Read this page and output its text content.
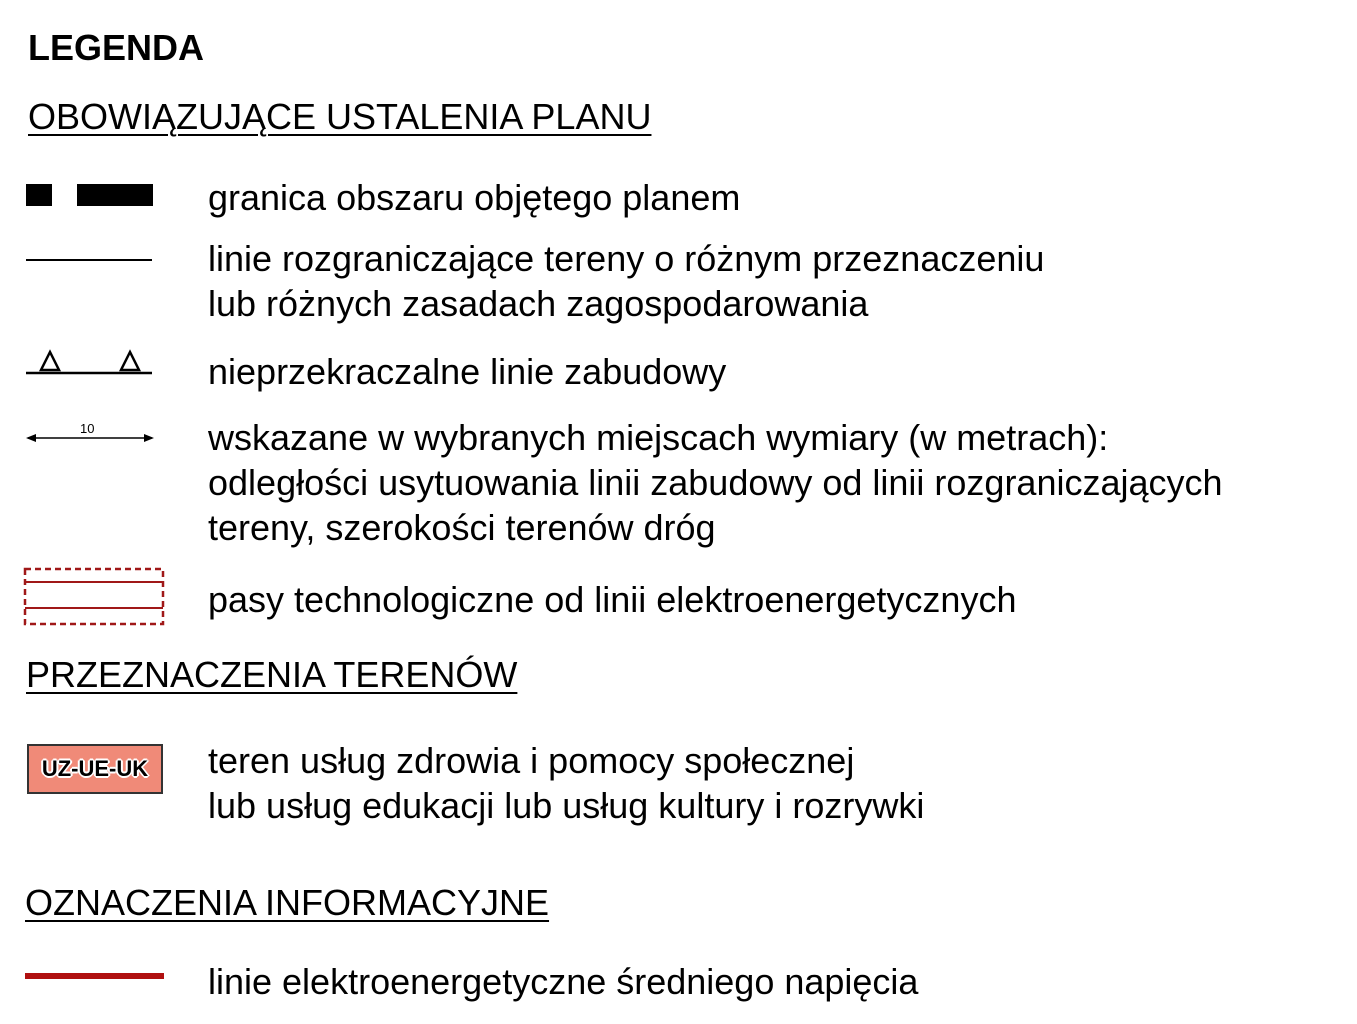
LEGENDA
OBOWIĄZUJĄCE USTALENIA PLANU
granica obszaru objętego planem
linie rozgraniczające tereny o różnym przeznaczeniu
lub różnych zasadach zagospodarowania
nieprzekraczalne linie zabudowy
10	wskazane w wybranych miejscach wymiary (w metrach):
odległości usytuowania linii zabudowy od linii rozgraniczających
tereny, szerokości terenów dróg
pasy technologiczne od linii elektroenergetycznych
PRZEZNACZENIA TERENÓW
UZ-UE-UK teren usług zdrowia i pomocy społecznej
lub usług edukacji lub usług kultury i rozrywki
OZNACZENIA INFORMACYJNE
linie elektroenergetyczne średniego napięcia
